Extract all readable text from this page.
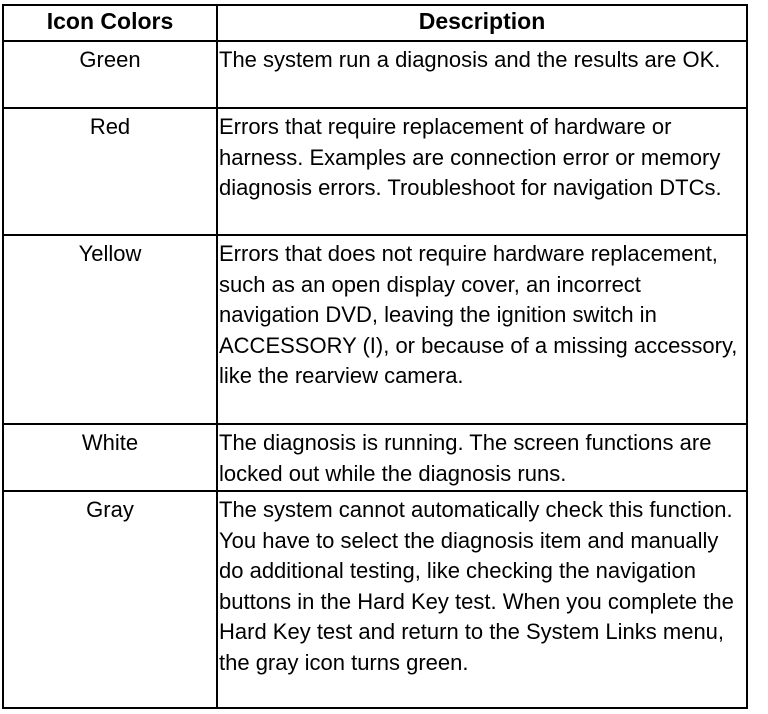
Icon Colors	Description
Green	The system run a diagnosis and the results are OK.
Red	Errors that require replacement of hardware or harness. Examples are connection error or memory diagnosis errors. Troubleshoot for navigation DTCs.
Yellow	Errors that does not require hardware replacement, such as an open display cover, an incorrect navigation DVD, leaving the ignition switch in ACCESSORY (I), or because of a missing accessory, like the rearview camera.
White	The diagnosis is running. The screen functions are locked out while the diagnosis runs.
Gray	The system cannot automatically check this function. You have to select the diagnosis item and manually do additional testing, like checking the navigation buttons in the Hard Key test. When you complete the Hard Key test and return to the System Links menu, the gray icon turns green.
